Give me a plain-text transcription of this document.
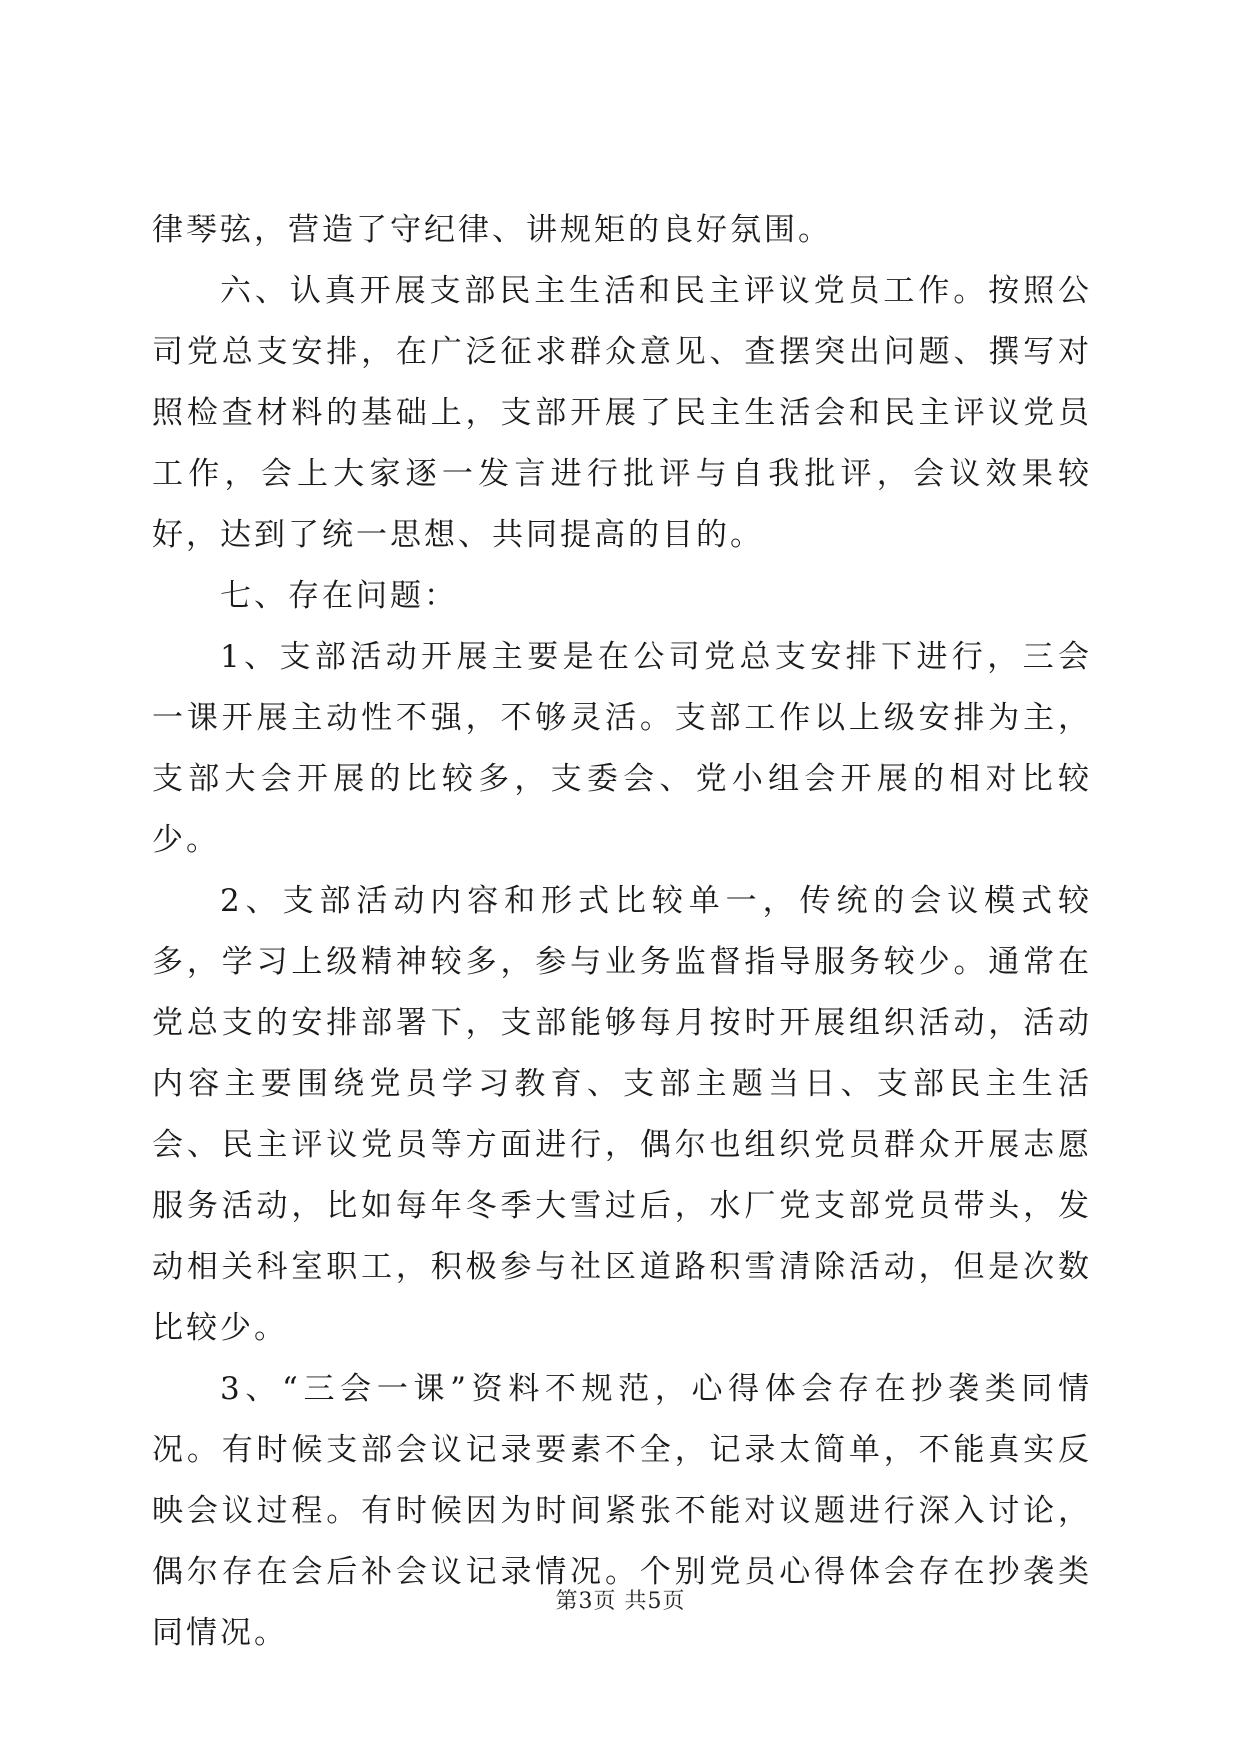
律琴弦，营造了守纪律、讲规矩的良好氛围。

六、认真开展支部民主生活和民主评议党员工作。按照公司党总支安排，在广泛征求群众意见、查摆突出问题、撰写对照检查材料的基础上，支部开展了民主生活会和民主评议党员工作，会上大家逐一发言进行批评与自我批评，会议效果较好，达到了统一思想、共同提高的目的。

七、存在问题：

1、支部活动开展主要是在公司党总支安排下进行，三会一课开展主动性不强，不够灵活。支部工作以上级安排为主，支部大会开展的比较多，支委会、党小组会开展的相对比较少。

2、支部活动内容和形式比较单一，传统的会议模式较多，学习上级精神较多，参与业务监督指导服务较少。通常在党总支的安排部署下，支部能够每月按时开展组织活动，活动内容主要围绕党员学习教育、支部主题当日、支部民主生活会、民主评议党员等方面进行，偶尔也组织党员群众开展志愿服务活动，比如每年冬季大雪过后，水厂党支部党员带头，发动相关科室职工，积极参与社区道路积雪清除活动，但是次数比较少。

3、“三会一课”资料不规范，心得体会存在抄袭类同情况。有时候支部会议记录要素不全，记录太简单，不能真实反映会议过程。有时候因为时间紧张不能对议题进行深入讨论，偶尔存在会后补会议记录情况。个别党员心得体会存在抄袭类同情况。

第3页 共5页
